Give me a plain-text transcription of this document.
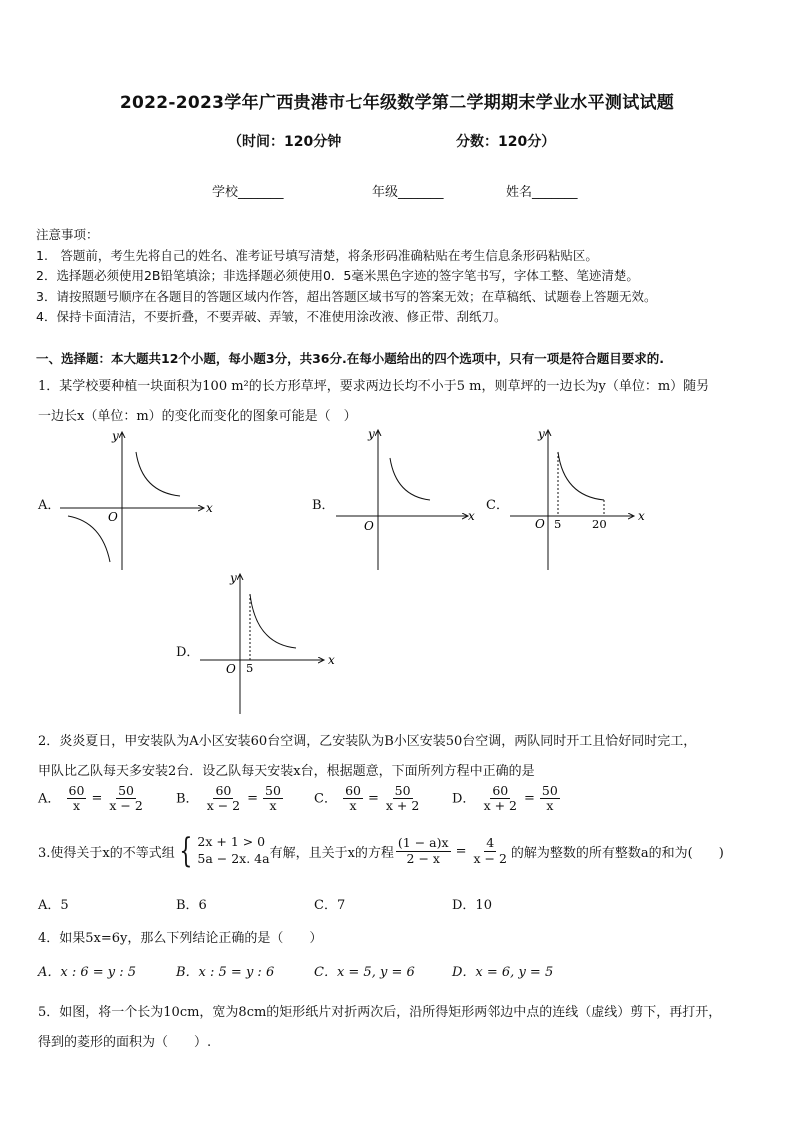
2022-2023学年广西贵港市七年级数学第二学期期末学业水平测试试题
（时间：120分钟	分数：120分）
学校_______	年级_______	姓名_______
注意事项：
1.　答题前，考生先将自己的姓名、准考证号填写清楚，将条形码准确粘贴在考生信息条形码粘贴区。
2．选择题必须使用2B铅笔填涂；非选择题必须使用0．5毫米黑色字迹的签字笔书写，字体工整、笔迹清楚。
3．请按照题号顺序在各题目的答题区域内作答，超出答题区域书写的答案无效；在草稿纸、试题卷上答题无效。
4．保持卡面清洁，不要折叠，不要弄破、弄皱，不准使用涂改液、修正带、刮纸刀。
一、选择题：本大题共12个小题，每小题3分，共36分.在每小题给出的四个选项中，只有一项是符合题目要求的.
1．某学校要种植一块面积为100 m²的长方形草坪，要求两边长均不小于5 m，则草坪的一边长为y（单位：m）随另
一边长x（单位：m）的变化而变化的图象可能是（　）
A．	x
y
O
B．
x
y
O
C．
x
y
O 5	20
D．	x
y
O 5
2．炎炎夏日，甲安装队为A小区安装60台空调，乙安装队为B小区安装50台空调，两队同时开工且恰好同时完工，
甲队比乙队每天多安装2台．设乙队每天安装x台，根据题意，下面所列方程中正确的是
A． $\frac{60}{x} = \frac{50}{x - 2}$ B． $\frac{60}{x - 2} = \frac{50}{x}$ C． $\frac{60}{x} = \frac{50}{x + 2}$ D． $\frac{60}{x + 2} = \frac{50}{x}$
3.使得关于x的不等式组 { 2x + 1 > 0
5a − 2x. 4a 有解，且关于x的方程 $\frac{(1 - a)x}{2 - x} = \frac{4}{x - 2}$ 的解为整数的所有整数a的和为(　　)
A．5	B．6	C．7	D．10
4．如果5x=6y，那么下列结论正确的是（　　）
A．x : 6 = y : 5	B．x : 5 = y : 6	C．x = 5, y = 6	D．x = 6, y = 5
5．如图，将一个长为10cm，宽为8cm的矩形纸片对折两次后，沿所得矩形两邻边中点的连线（虚线）剪下，再打开，
得到的菱形的面积为（　　）.
